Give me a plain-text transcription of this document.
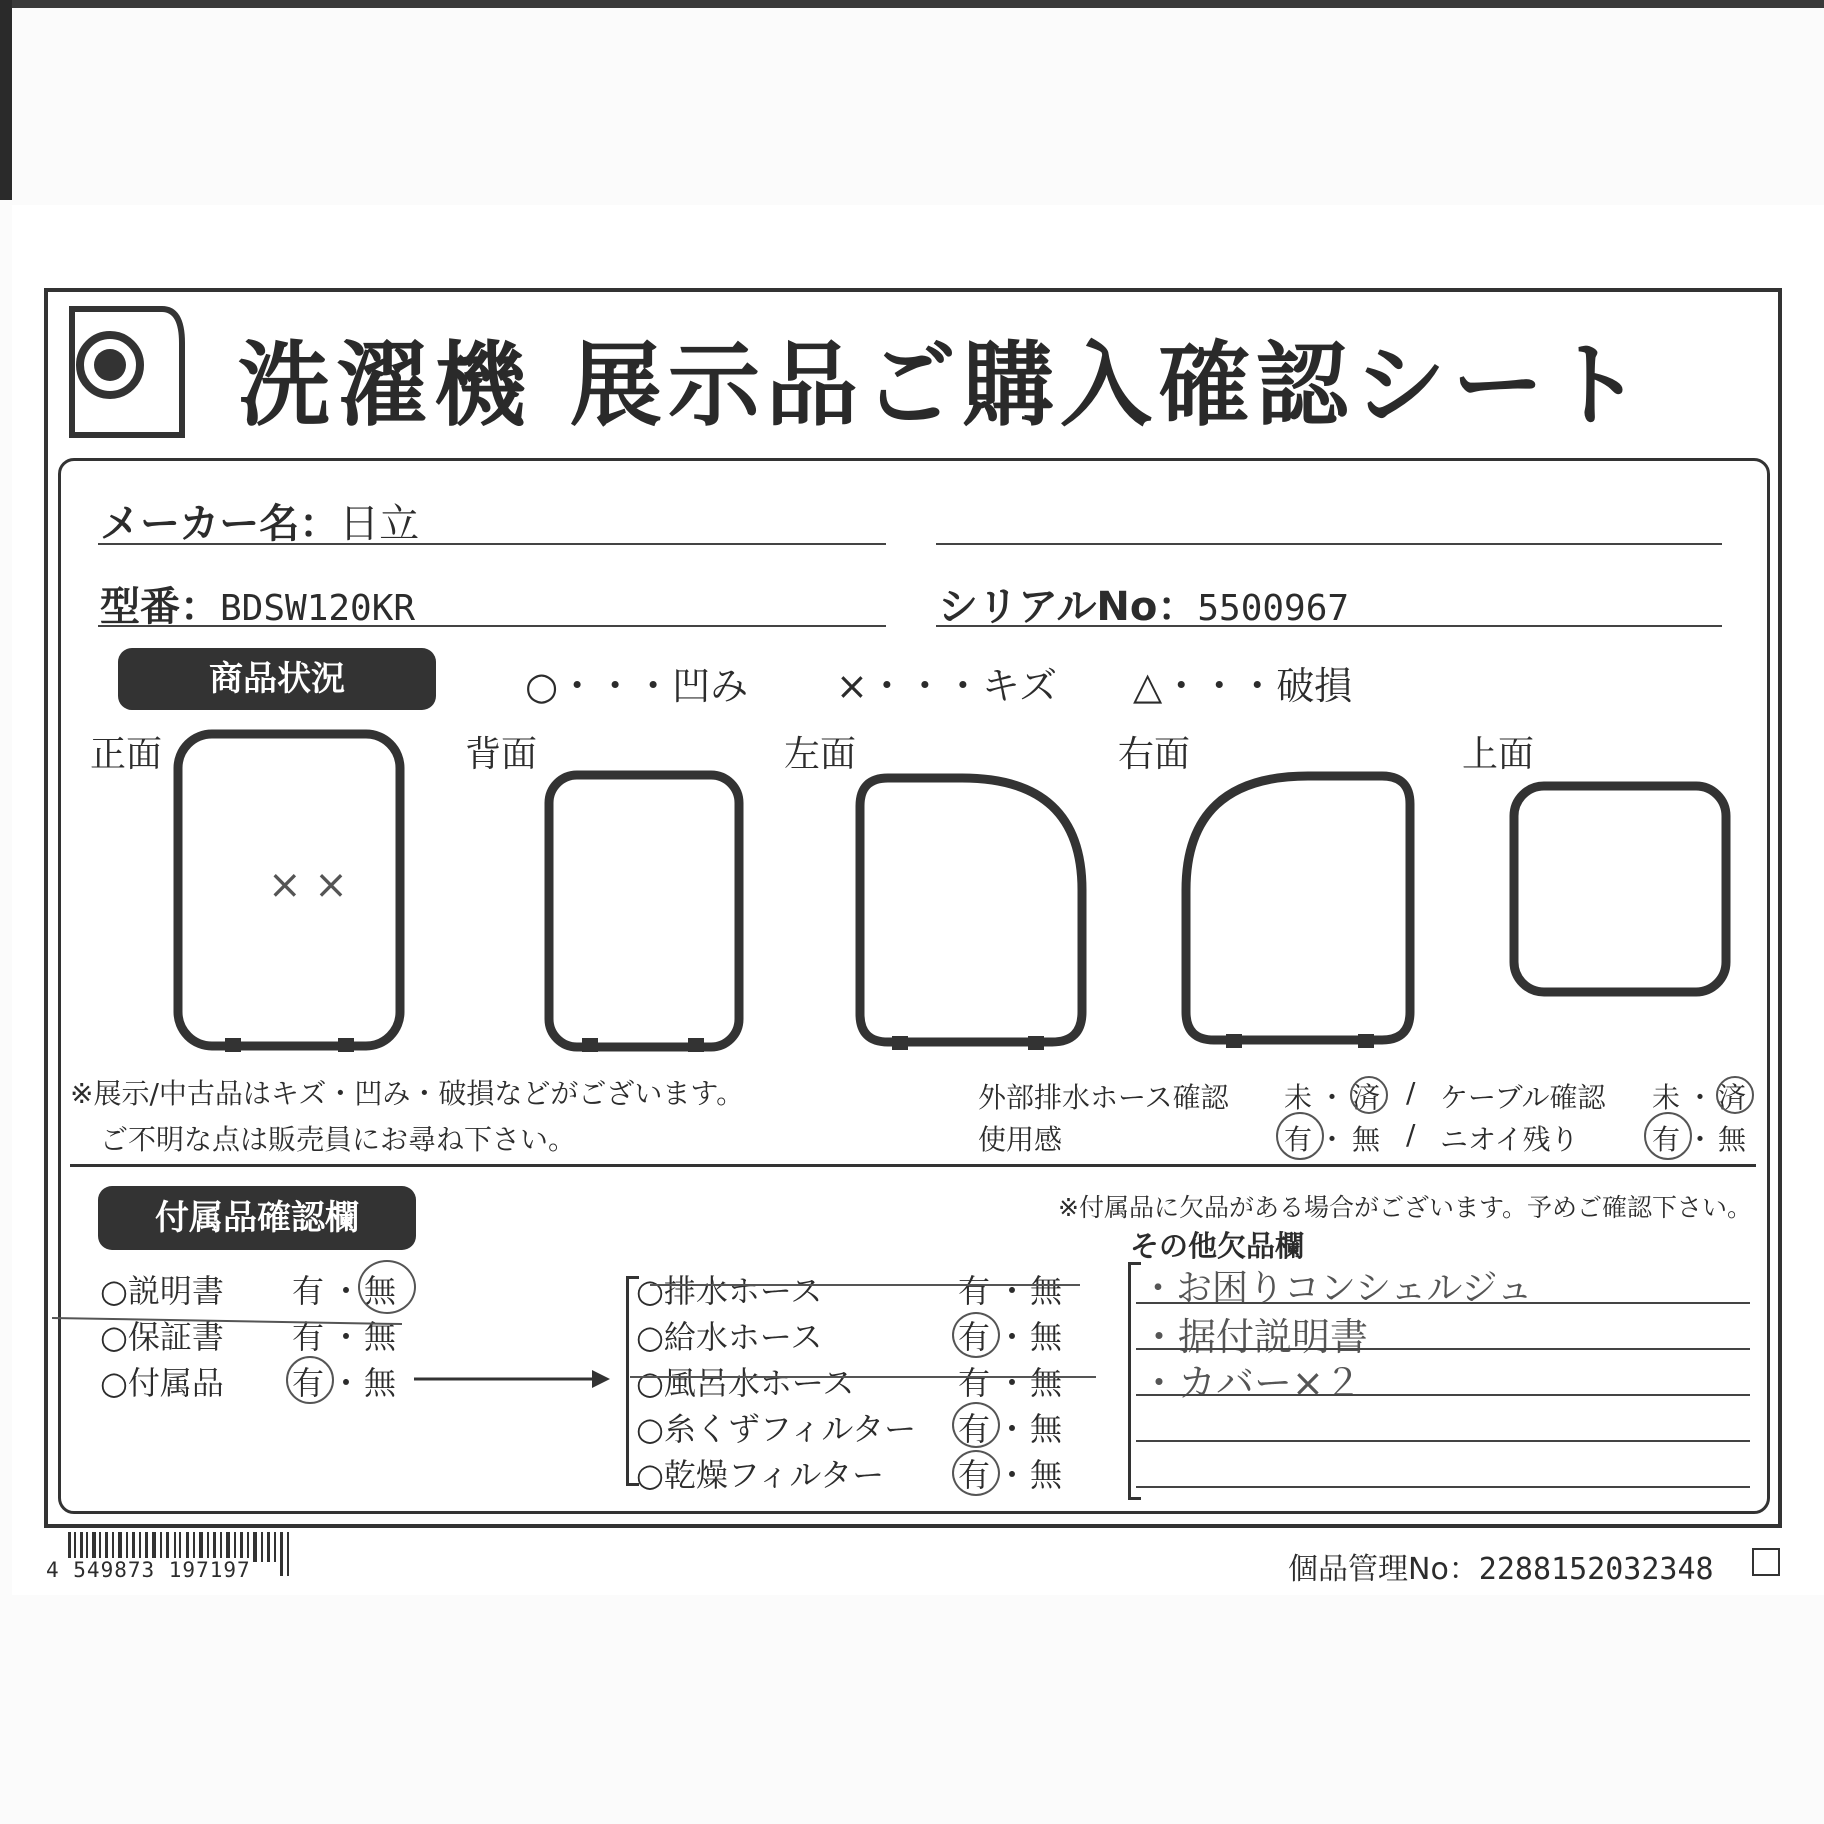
洗濯機 展示品ご購入確認シート
メーカー名：日立
型番：BDSW120KR	シリアルNo：5500967
商品状況	○・・・凹み ×・・・キズ △・・・破損
正面	背面	左面	右面	上面
× ×
※展示/中古品はキズ・凹み・破損などがございます。
ご不明な点は販売員にお尋ね下さい。
外部排水ホース確認 未 ・ 済 / ケーブル確認 未 ・ 済
使用感	有 ・ 無 / ニオイ残り	有 ・ 無
付属品確認欄	※付属品に欠品がある場合がございます。予めご確認下さい。
その他欠品欄
○説明書 有 ・ 無
○保証書 有 ・ 無
○付属品 有 ・ 無
○排水ホース	有 ・ 無
○給水ホース	有 ・ 無
○風呂水ホース	有 ・ 無
○糸くずフィルター 有 ・ 無
○乾燥フィルター 有 ・ 無
・お困りコンシェルジュ
・据付説明書
・カバー×２
4 549873 197197	個品管理No：2288152032348
